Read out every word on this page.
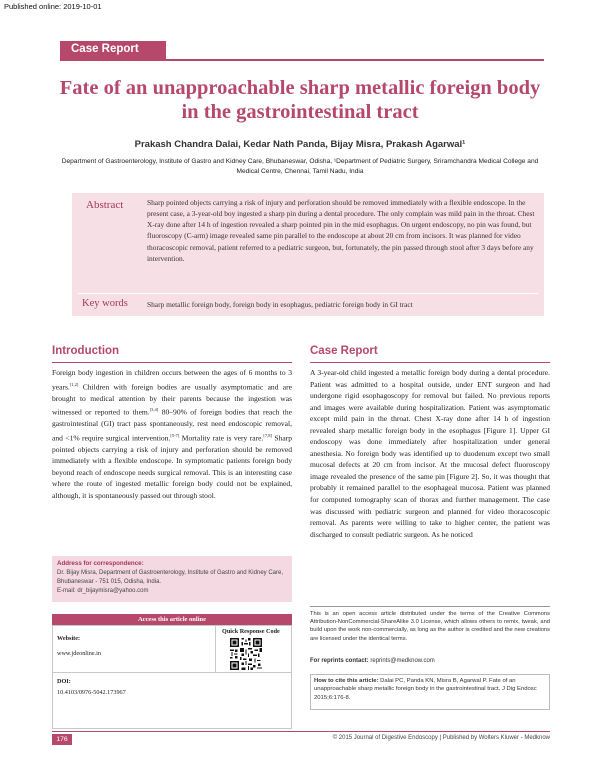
Published online: 2019-10-01
Case Report
Fate of an unapproachable sharp metallic foreign body in the gastrointestinal tract
Prakash Chandra Dalai, Kedar Nath Panda, Bijay Misra, Prakash Agarwal¹
Department of Gastroenterology, Institute of Gastro and Kidney Care, Bhubaneswar, Odisha, ¹Department of Pediatric Surgery, Sriramchandra Medical College and Medical Centre, Chennai, Tamil Nadu, India
Abstract	Sharp pointed objects carrying a risk of injury and perforation should be removed immediately with a flexible endoscope. In the present case, a 3-year-old boy ingested a sharp pin during a dental procedure. The only complain was mild pain in the throat. Chest X-ray done after 14 h of ingestion revealed a sharp pointed pin in the mid esophagus. On urgent endoscopy, no pin was found, but fluoroscopy (C-arm) image revealed same pin parallel to the endoscope at about 20 cm from incisors. It was planned for video thoracoscopic removal, patient referred to a pediatric surgeon, but, fortunately, the pin passed through stool after 3 days before any intervention.
Key words	Sharp metallic foreign body, foreign body in esophagus, pediatric foreign body in GI tract
Introduction
Foreign body ingestion in children occurs between the ages of 6 months to 3 years.[1,2] Children with foreign bodies are usually asymptomatic and are brought to medical attention by their parents because the ingestion was witnessed or reported to them.[3,4] 80–90% of foreign bodies that reach the gastrointestinal (GI) tract pass spontaneously, rest need endoscopic removal, and <1% require surgical intervention.[5-7] Mortality rate is very rare.[7,8] Sharp pointed objects carrying a risk of injury and perforation should be removed immediately with a flexible endoscope. In symptomatic patients foreign body beyond reach of endoscope needs surgical removal. This is an interesting case where the route of ingested metallic foreign body could not be explained, although, it is spontaneously passed out through stool.
Case Report
A 3-year-old child ingested a metallic foreign body during a dental procedure. Patient was admitted to a hospital outside, under ENT surgeon and had undergone rigid esophagoscopy for removal but failed. No previous reports and images were available during hospitalization. Patient was asymptomatic except mild pain in the throat. Chest X-ray done after 14 h of ingestion revealed sharp metallic foreign body in the esophagus [Figure 1]. Upper GI endoscopy was done immediately after hospitalization under general anesthesia. No foreign body was identified up to duodenum except two small mucosal defects at 20 cm from incisor. At the mucosal defect fluoroscopy image revealed the presence of the same pin [Figure 2]. So, it was thought that probably it remained parallel to the esophageal mucosa. Patient was planned for computed tomography scan of thorax and further management. The case was discussed with pediatric surgeon and planned for video thoracoscopic removal. As parents were willing to take to higher center, the patient was discharged to consult pediatric surgeon. As he noticed
Address for correspondence:
Dr. Bijay Misra, Department of Gastroenterology, Institute of Gastro and Kidney Care, Bhubaneswar - 751 015, Odisha, India.
E-mail: dr_bijaymisra@yahoo.com
Access this article online
Quick Response Code
Website:
www.jdeonline.in
DOI:
10.4103/0976-5042.173967
This is an open access article distributed under the terms of the Creative Commons Attribution-NonCommercial-ShareAlike 3.0 License, which allows others to remix, tweak, and build upon the work non-commercially, as long as the author is credited and the new creations are licensed under the identical terms.
For reprints contact: reprints@medknow.com
How to cite this article: Dalai PC, Panda KN, Misra B, Agarwal P. Fate of an unapproachable sharp metallic foreign body in the gastrointestinal tract. J Dig Endosc 2015;6:176-8.
176	© 2015 Journal of Digestive Endoscopy | Published by Wolters Kluwer - Medknow
